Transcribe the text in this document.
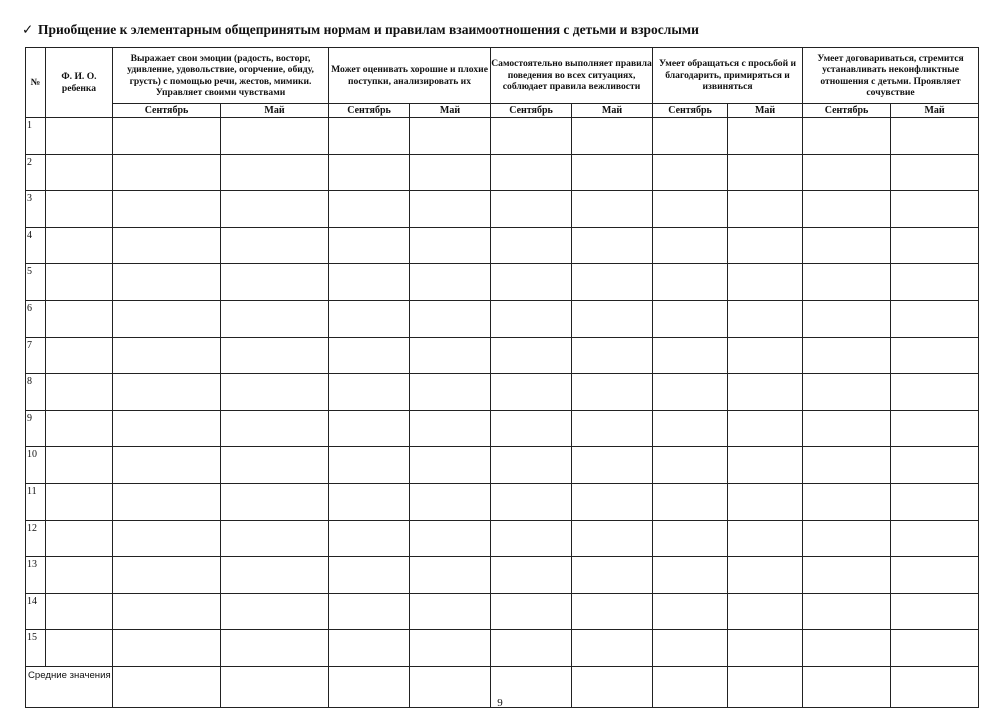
✓ Приобщение к элементарным общепринятым нормам и правилам взаимоотношения с детьми и взрослыми
№	Ф. И. О. ребенка	Выражает свои эмоции (радость, восторг, удивление, удовольствие, огорчение, обиду, грусть) с помощью речи, жестов, мимики. Управляет своими чувствами		Может оценивать хорошие и плохие поступки, анализировать их		Самостоятельно выполняет правила поведения во всех ситуациях, соблюдает правила вежливости		Умеет обращаться с просьбой и благодарить, примиряться и извиняться		Умеет договариваться, стремится устанавливать неконфликтные отношения с детьми. Проявляет сочувствие	
		Сентябрь	Май	Сентябрь	Май	Сентябрь	Май	Сентябрь	Май	Сентябрь	Май
1											
2											
3											
4											
5											
6											
7											
8											
9											
10											
11											
12											
13											
14											
15											
Средние значения											
9
